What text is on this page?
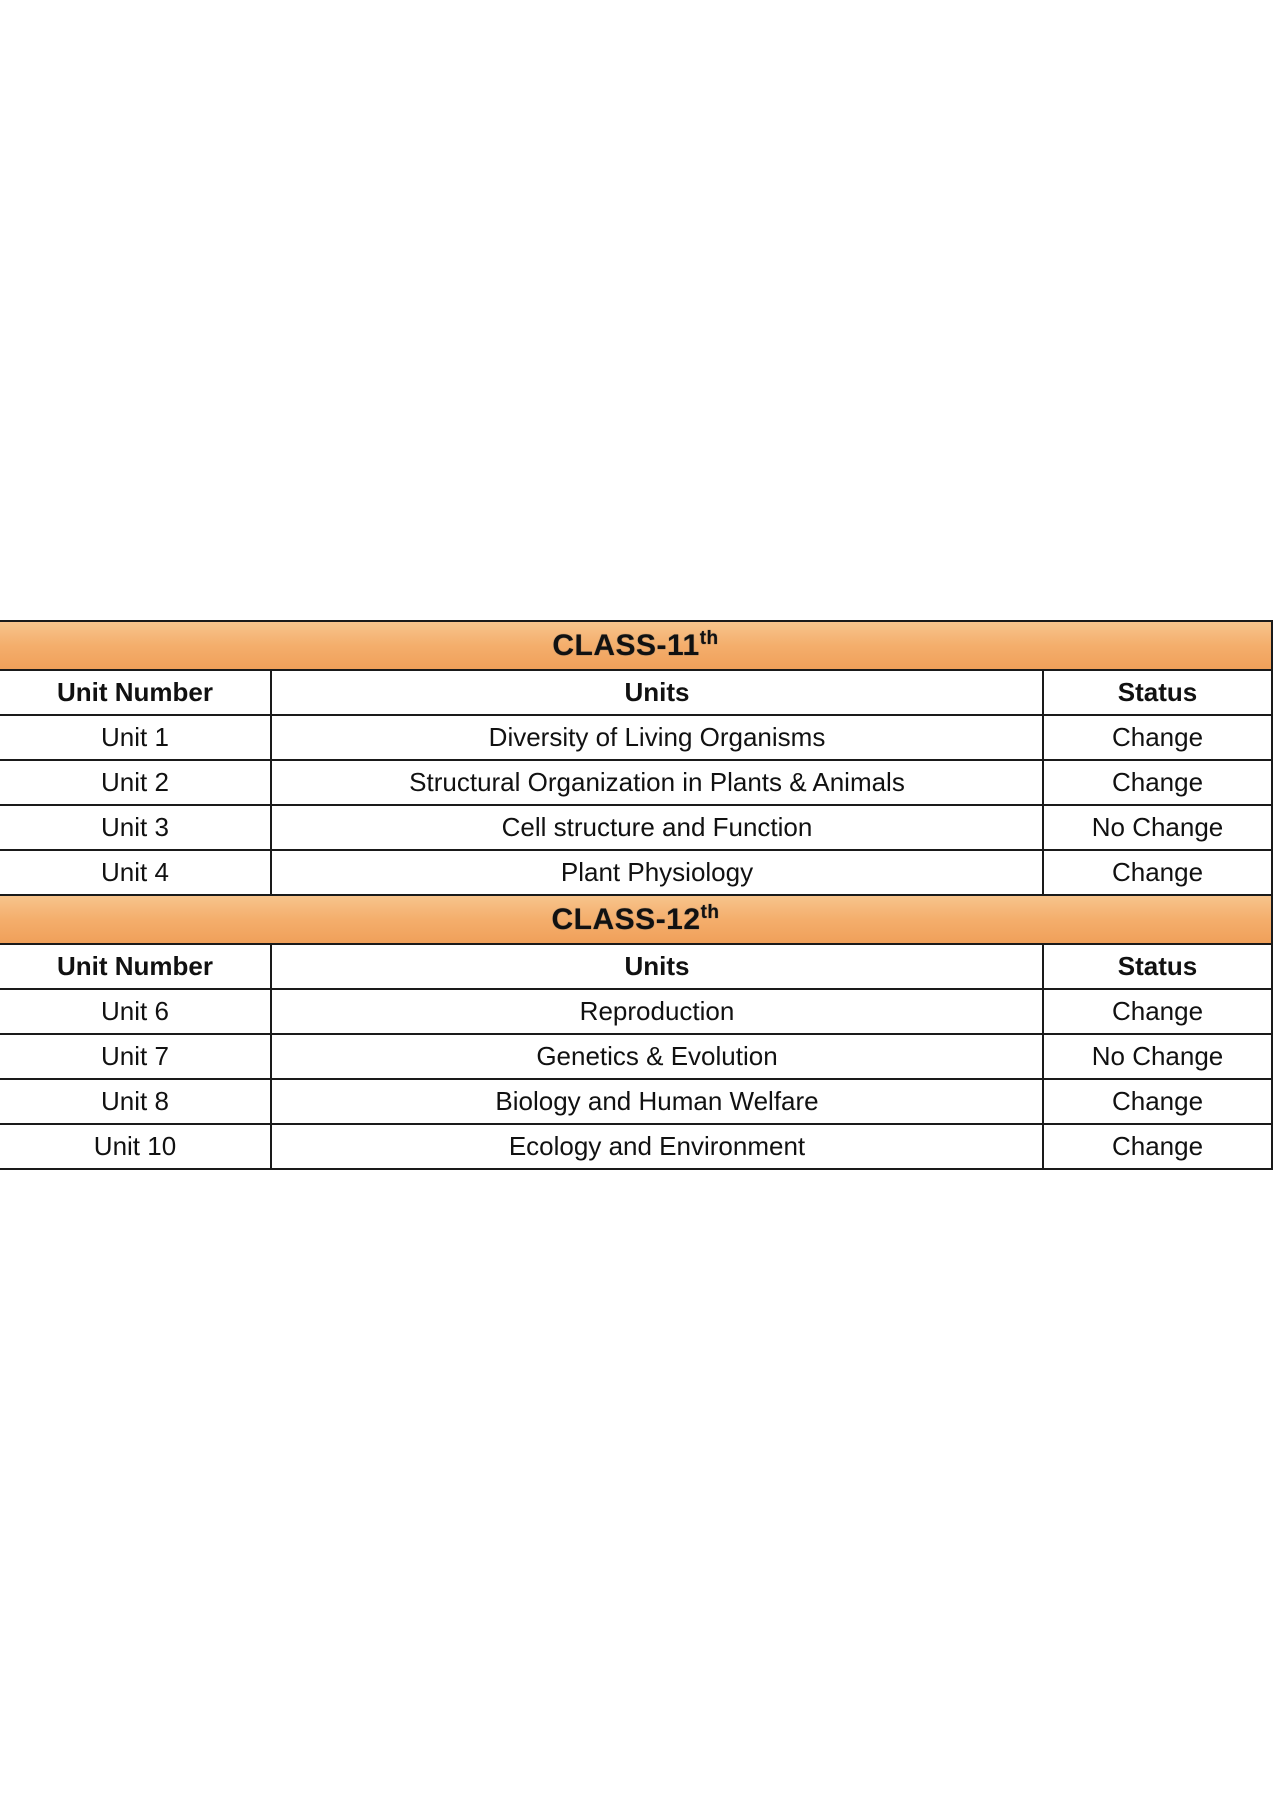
CLASS-11th
Unit Number	Units	Status
Unit 1	Diversity of Living Organisms	Change
Unit 2	Structural Organization in Plants & Animals	Change
Unit 3	Cell structure and Function	No Change
Unit 4	Plant Physiology	Change
CLASS-12th
Unit Number	Units	Status
Unit 6	Reproduction	Change
Unit 7	Genetics & Evolution	No Change
Unit 8	Biology and Human Welfare	Change
Unit 10	Ecology and Environment	Change
